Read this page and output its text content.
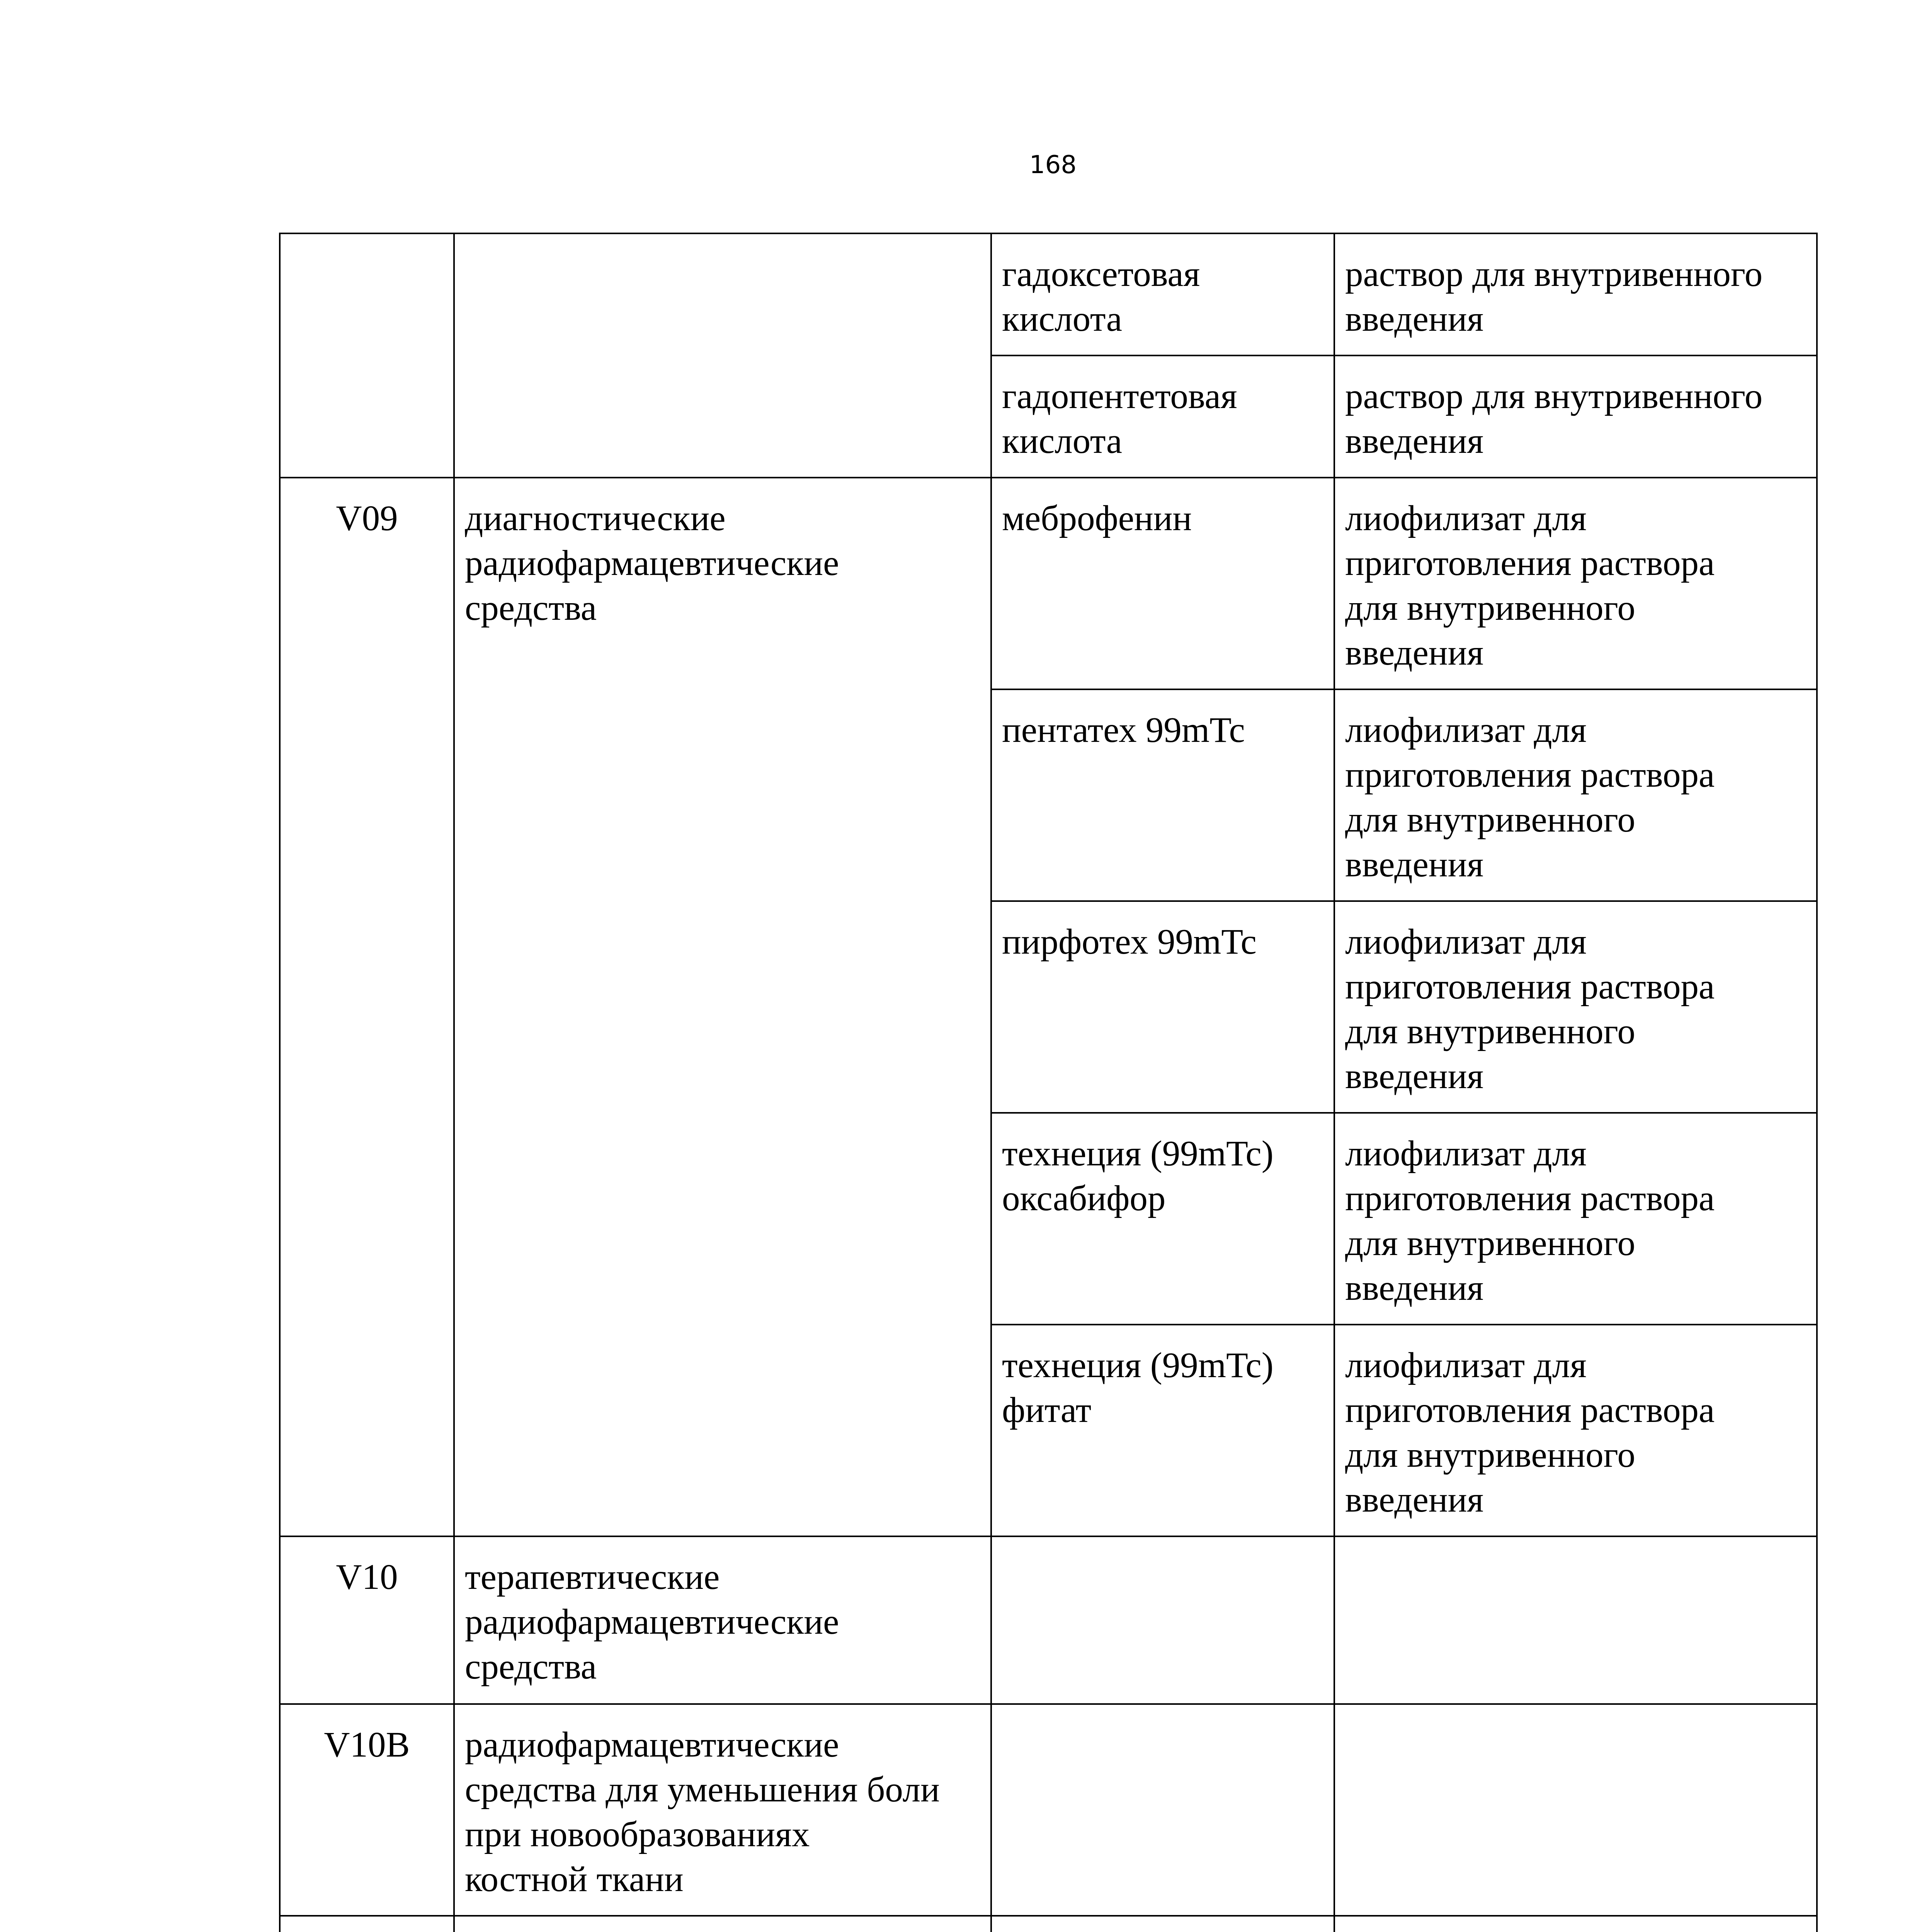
168
		гадоксетовая
кислота	раствор для внутривенного
введения
		гадопентетовая
кислота	раствор для внутривенного
введения
V09	диагностические
радиофармацевтические
средства	меброфенин	лиофилизат для
приготовления раствора
для внутривенного
введения
		пентатех 99mTc	лиофилизат для
приготовления раствора
для внутривенного
введения
		пирфотех 99mTc	лиофилизат для
приготовления раствора
для внутривенного
введения
		технеция (99mTc)
оксабифор	лиофилизат для
приготовления раствора
для внутривенного
введения
		технеция (99mTc)
фитат	лиофилизат для
приготовления раствора
для внутривенного
введения
V10	терапевтические
радиофармацевтические
средства		
V10B	радиофармацевтические
средства для уменьшения боли
при новообразованиях
костной ткани		
